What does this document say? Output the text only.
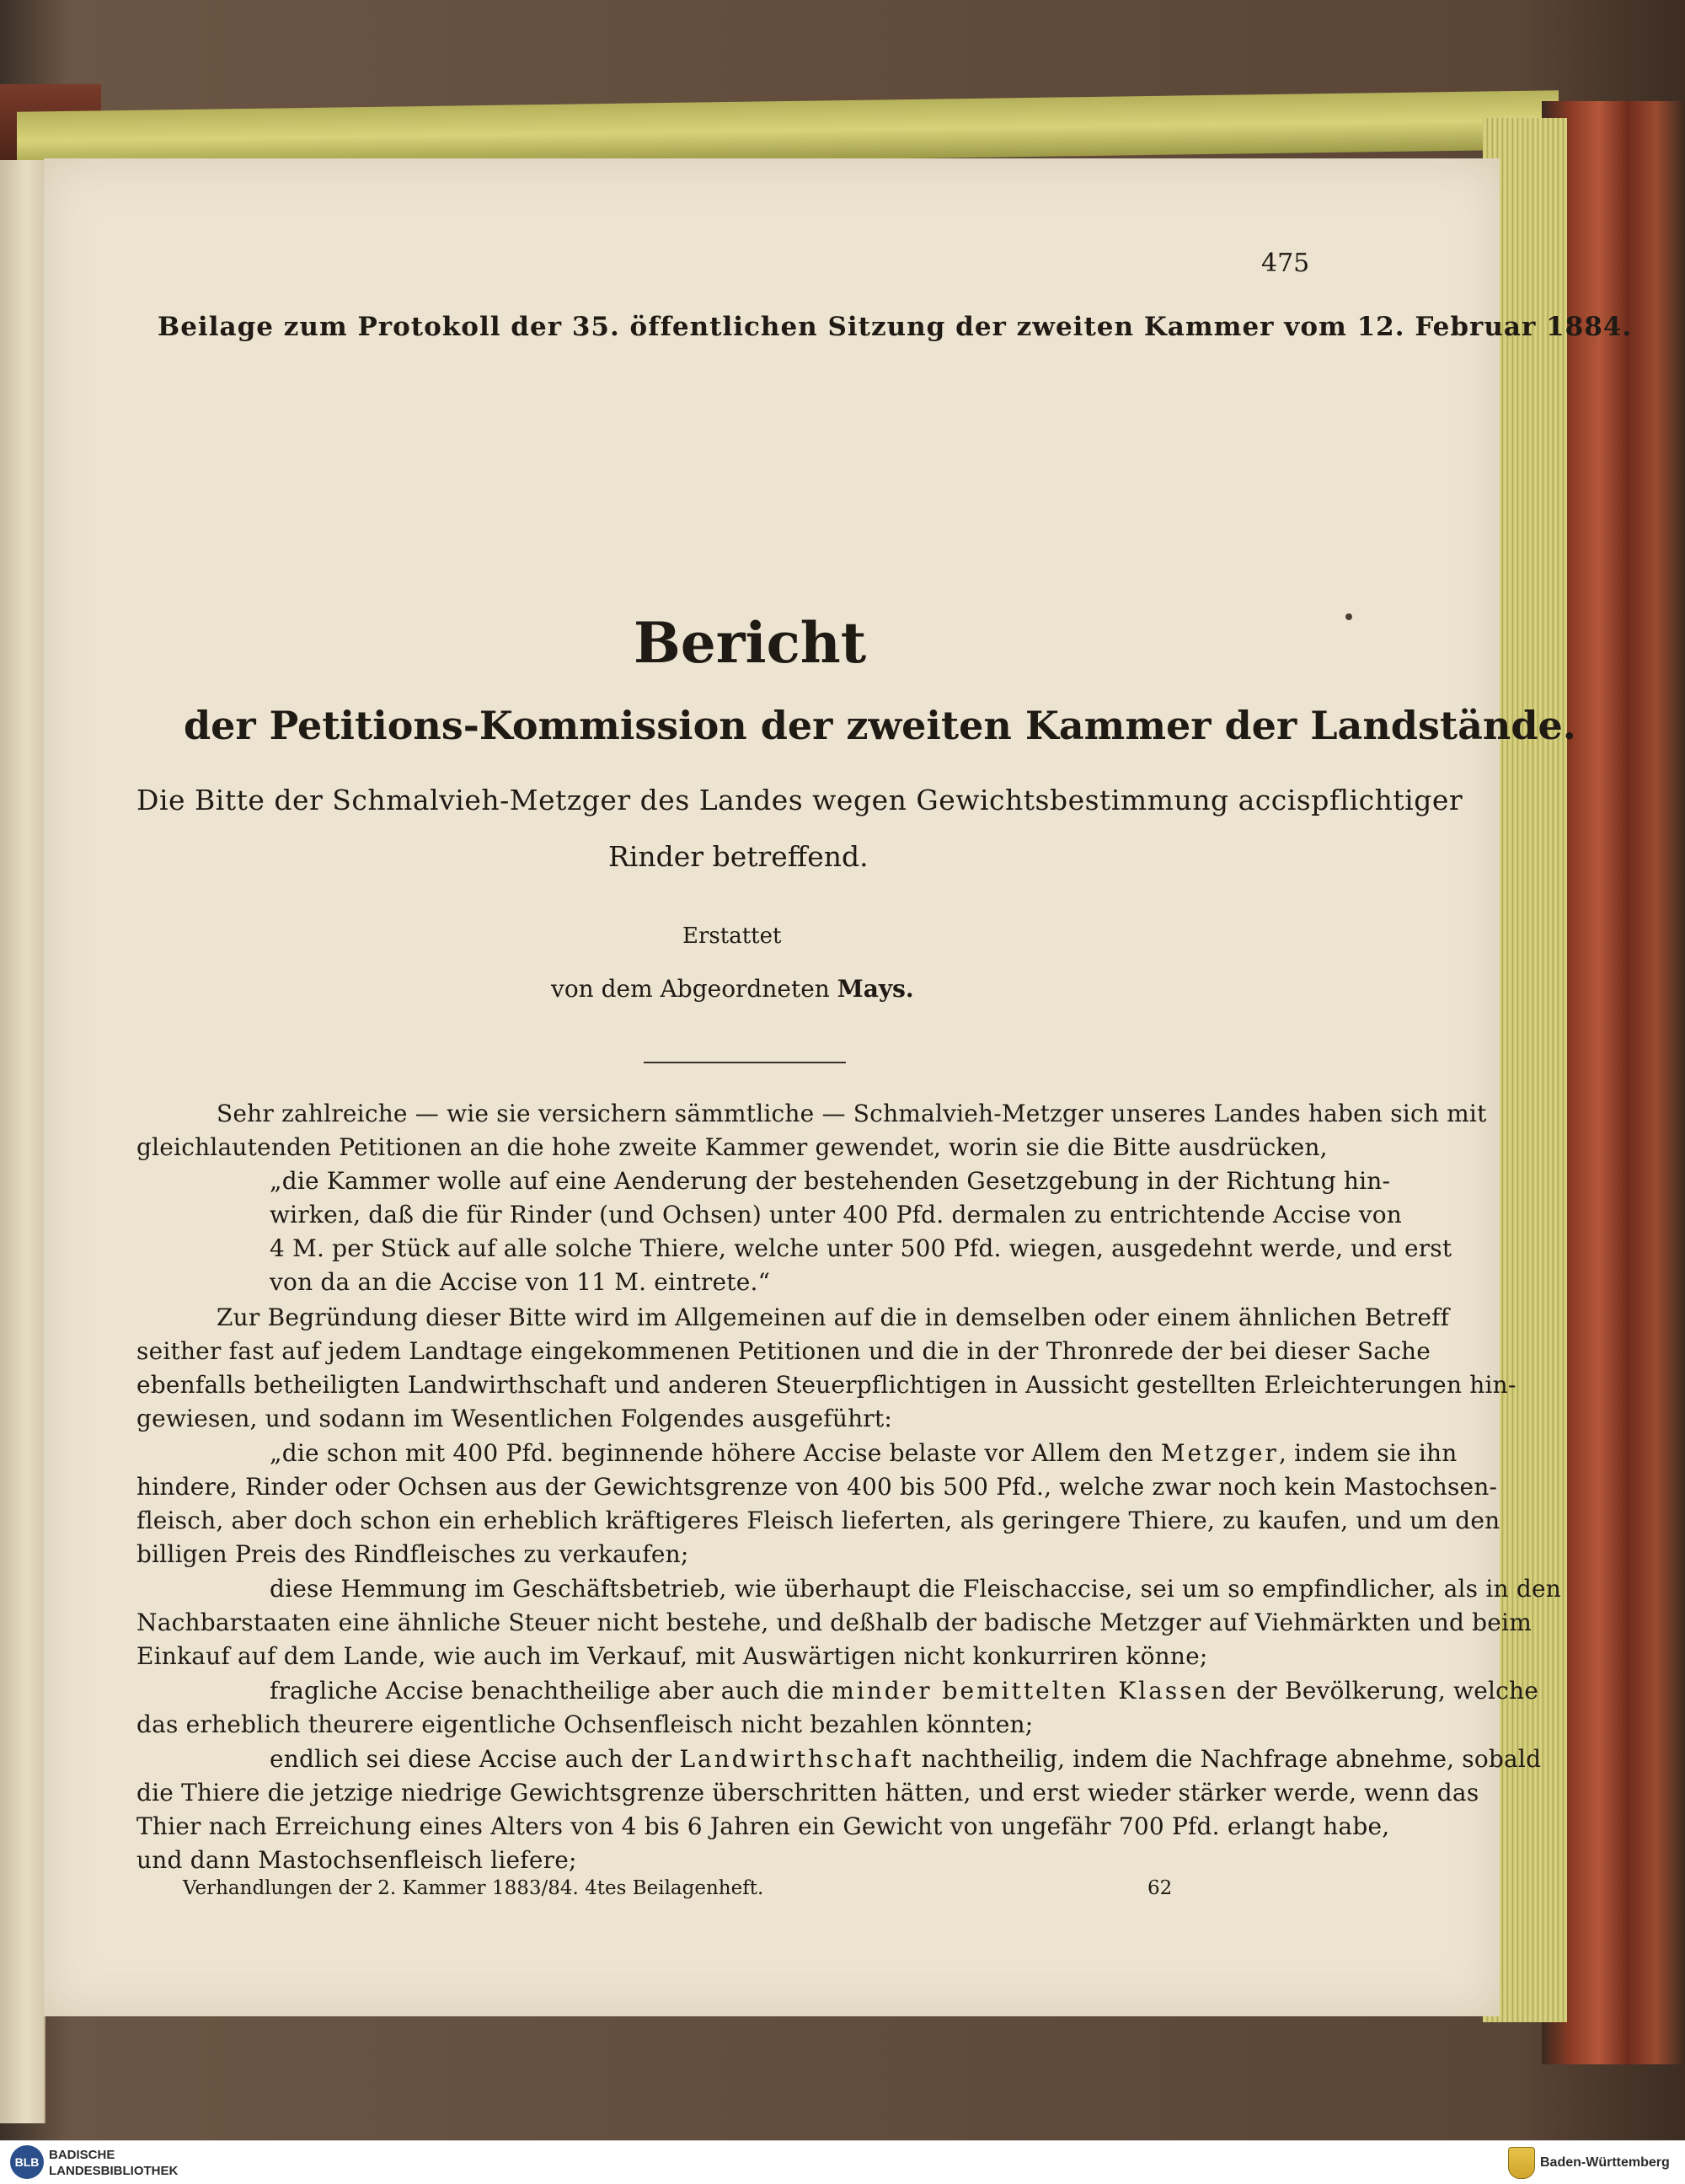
475

Beilage zum Protokoll der 35. öffentlichen Sitzung der zweiten Kammer vom 12. Februar 1884.

Bericht

der Petitions-Kommission der zweiten Kammer der Landstände.

Die Bitte der Schmalvieh-Metzger des Landes wegen Gewichtsbestimmung accispflichtiger

Rinder betreffend.

Erstattet

von dem Abgeordneten Mays.

Sehr zahlreiche — wie sie versichern sämmtliche — Schmalvieh-Metzger unseres Landes haben sich mit

gleichlautenden Petitionen an die hohe zweite Kammer gewendet, worin sie die Bitte ausdrücken,

„die Kammer wolle auf eine Aenderung der bestehenden Gesetzgebung in der Richtung hin-

wirken, daß die für Rinder (und Ochsen) unter 400 Pfd. dermalen zu entrichtende Accise von

4 M. per Stück auf alle solche Thiere, welche unter 500 Pfd. wiegen, ausgedehnt werde, und erst

von da an die Accise von 11 M. eintrete.“

Zur Begründung dieser Bitte wird im Allgemeinen auf die in demselben oder einem ähnlichen Betreff

seither fast auf jedem Landtage eingekommenen Petitionen und die in der Thronrede der bei dieser Sache

ebenfalls betheiligten Landwirthschaft und anderen Steuerpflichtigen in Aussicht gestellten Erleichterungen hin-

gewiesen, und sodann im Wesentlichen Folgendes ausgeführt:

„die schon mit 400 Pfd. beginnende höhere Accise belaste vor Allem den Metzger, indem sie ihn

hindere, Rinder oder Ochsen aus der Gewichtsgrenze von 400 bis 500 Pfd., welche zwar noch kein Mastochsen-

fleisch, aber doch schon ein erheblich kräftigeres Fleisch lieferten, als geringere Thiere, zu kaufen, und um den

billigen Preis des Rindfleisches zu verkaufen;

diese Hemmung im Geschäftsbetrieb, wie überhaupt die Fleischaccise, sei um so empfindlicher, als in den

Nachbarstaaten eine ähnliche Steuer nicht bestehe, und deßhalb der badische Metzger auf Viehmärkten und beim

Einkauf auf dem Lande, wie auch im Verkauf, mit Auswärtigen nicht konkurriren könne;

fragliche Accise benachtheilige aber auch die minder bemittelten Klassen der Bevölkerung, welche

das erheblich theurere eigentliche Ochsenfleisch nicht bezahlen könnten;

endlich sei diese Accise auch der Landwirthschaft nachtheilig, indem die Nachfrage abnehme, sobald

die Thiere die jetzige niedrige Gewichtsgrenze überschritten hätten, und erst wieder stärker werde, wenn das

Thier nach Erreichung eines Alters von 4 bis 6 Jahren ein Gewicht von ungefähr 700 Pfd. erlangt habe,

und dann Mastochsenfleisch liefere;

Verhandlungen der 2. Kammer 1883/84. 4tes Beilagenheft.	62

BLB BADISCHE LANDESBIBLIOTHEK
Baden-Württemberg
